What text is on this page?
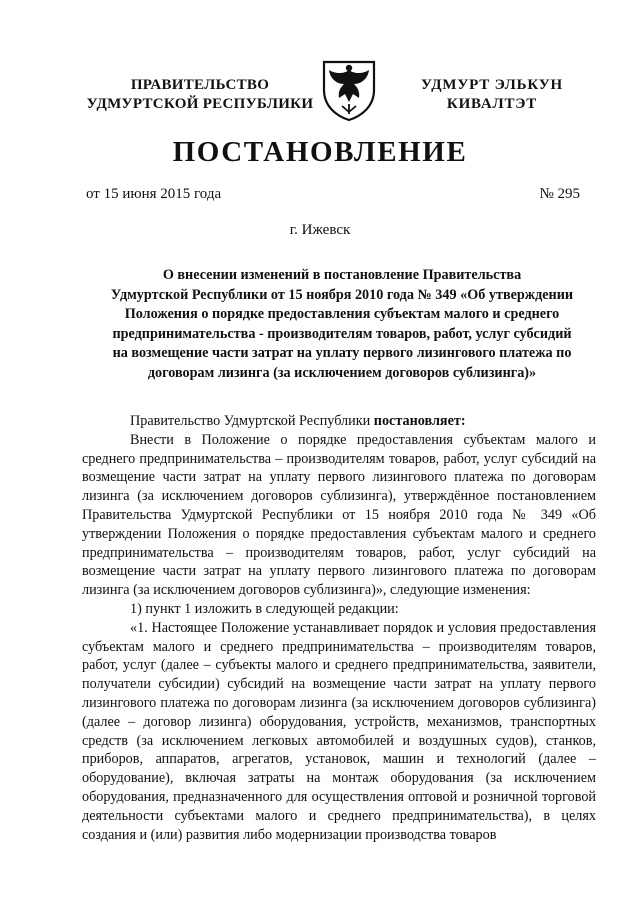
ПРАВИТЕЛЬСТВО
УДМУРТСКОЙ РЕСПУБЛИКИ
УДМУРТ ЭЛЬКУН
КИВАЛТЭТ
ПОСТАНОВЛЕНИЕ
от 15 июня 2015 года	№ 295
г. Ижевск
О внесении изменений в постановление Правительства
Удмуртской Республики от 15 ноября 2010 года № 349 «Об утверждении
Положения о порядке предоставления субъектам малого и среднего
предпринимательства - производителям товаров, работ, услуг субсидий
на возмещение части затрат на уплату первого лизингового платежа по
договорам лизинга (за исключением договоров сублизинга)»

Правительство Удмуртской Республики постановляет:

Внести в Положение о порядке предоставления субъектам малого и среднего предпринимательства – производителям товаров, работ, услуг субсидий на возмещение части затрат на уплату первого лизингового платежа по договорам лизинга (за исключением договоров сублизинга), утверждённое постановлением Правительства Удмуртской Республики от 15 ноября 2010 года № 349 «Об утверждении Положения о порядке предоставления субъектам малого и среднего предпринимательства – производителям товаров, работ, услуг субсидий на возмещение части затрат на уплату первого лизингового платежа по договорам лизинга (за исключением договоров сублизинга)», следующие изменения:

1) пункт 1 изложить в следующей редакции:

«1. Настоящее Положение устанавливает порядок и условия предоставления субъектам малого и среднего предпринимательства – производителям товаров, работ, услуг (далее – субъекты малого и среднего предпринимательства, заявители, получатели субсидии) субсидий на возмещение части затрат на уплату первого лизингового платежа по договорам лизинга (за исключением договоров сублизинга) (далее – договор лизинга) оборудования, устройств, механизмов, транспортных средств (за исключением легковых автомобилей и воздушных судов), станков, приборов, аппаратов, агрегатов, установок, машин и технологий (далее – оборудование), включая затраты на монтаж оборудования (за исключением оборудования, предназначенного для осуществления оптовой и розничной торговой деятельности субъектами малого и среднего предпринимательства), в целях создания и (или) развития либо модернизации производства товаров
